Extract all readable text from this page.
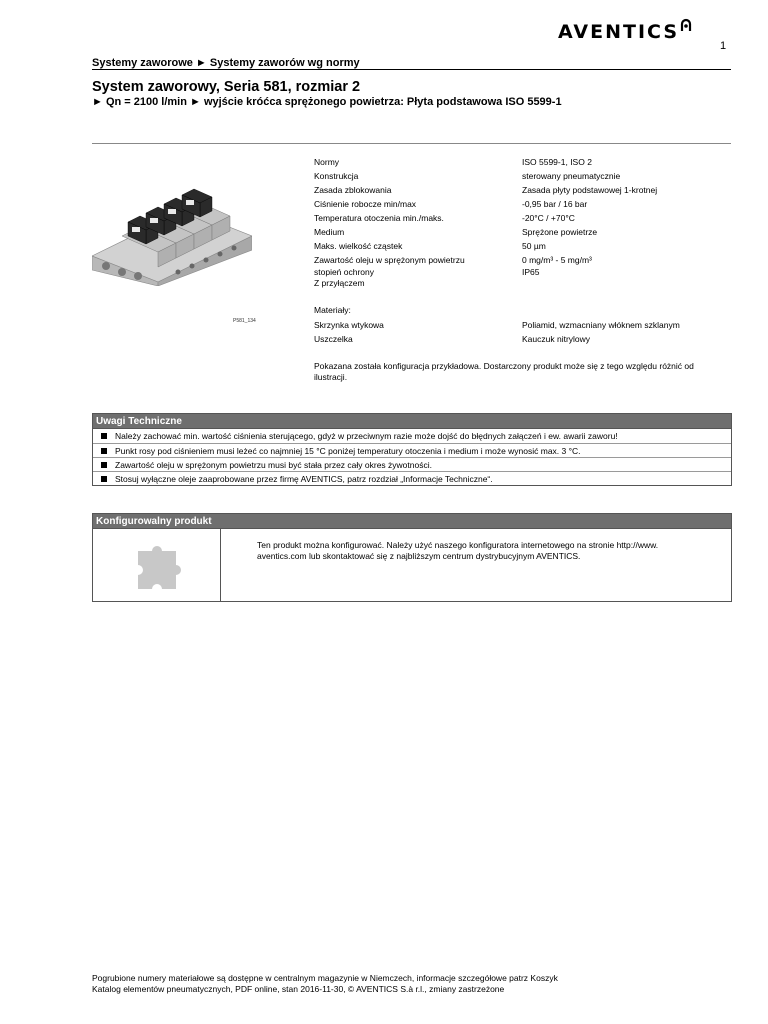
AVENTICS
1
Systemy zaworowe ► Systemy zaworów wg normy
System zaworowy, Seria 581, rozmiar 2
► Qn = 2100 l/min ► wyjście króćca sprężonego powietrza: Płyta podstawowa ISO 5599-1
P581_134
Normy	ISO 5599-1, ISO 2
Konstrukcja	sterowany pneumatycznie
Zasada zblokowania	Zasada płyty podstawowej 1-krotnej
Ciśnienie robocze min/max	-0,95 bar / 16 bar
Temperatura otoczenia min./maks.	-20°C / +70°C
Medium	Sprężone powietrze
Maks. wielkość cząstek	50 µm
Zawartość oleju w sprężonym powietrzu	0 mg/m³ - 5 mg/m³
stopień ochrony	IP65
Z przyłączem
Materiały:
Skrzynka wtykowa	Poliamid, wzmacniany włóknem szklanym
Uszczelka	Kauczuk nitrylowy
Pokazana została konfiguracja przykładowa. Dostarczony produkt może się z tego względu różnić od ilustracji.
Uwagi Techniczne
Należy zachować min. wartość ciśnienia sterującego, gdyż w przeciwnym razie może dojść do błędnych załączeń i ew. awarii zaworu!
Punkt rosy pod ciśnieniem musi leżeć co najmniej 15 °C poniżej temperatury otoczenia i medium i może wynosić max. 3 °C.
Zawartość oleju w sprężonym powietrzu musi być stała przez cały okres żywotności.
Stosuj wyłączne oleje zaaprobowane przez firmę AVENTICS, patrz rozdział „Informacje Techniczne“.
Konfigurowalny produkt
Ten produkt można konfigurować. Należy użyć naszego konfiguratora internetowego na stronie http://www.
aventics.com lub skontaktować się z najbliższym centrum dystrybucyjnym AVENTICS.
Pogrubione numery materiałowe są dostępne w centralnym magazynie w Niemczech, informacje szczegółowe patrz Koszyk
Katalog elementów pneumatycznych, PDF online, stan 2016-11-30, © AVENTICS S.à r.l., zmiany zastrzeżone
